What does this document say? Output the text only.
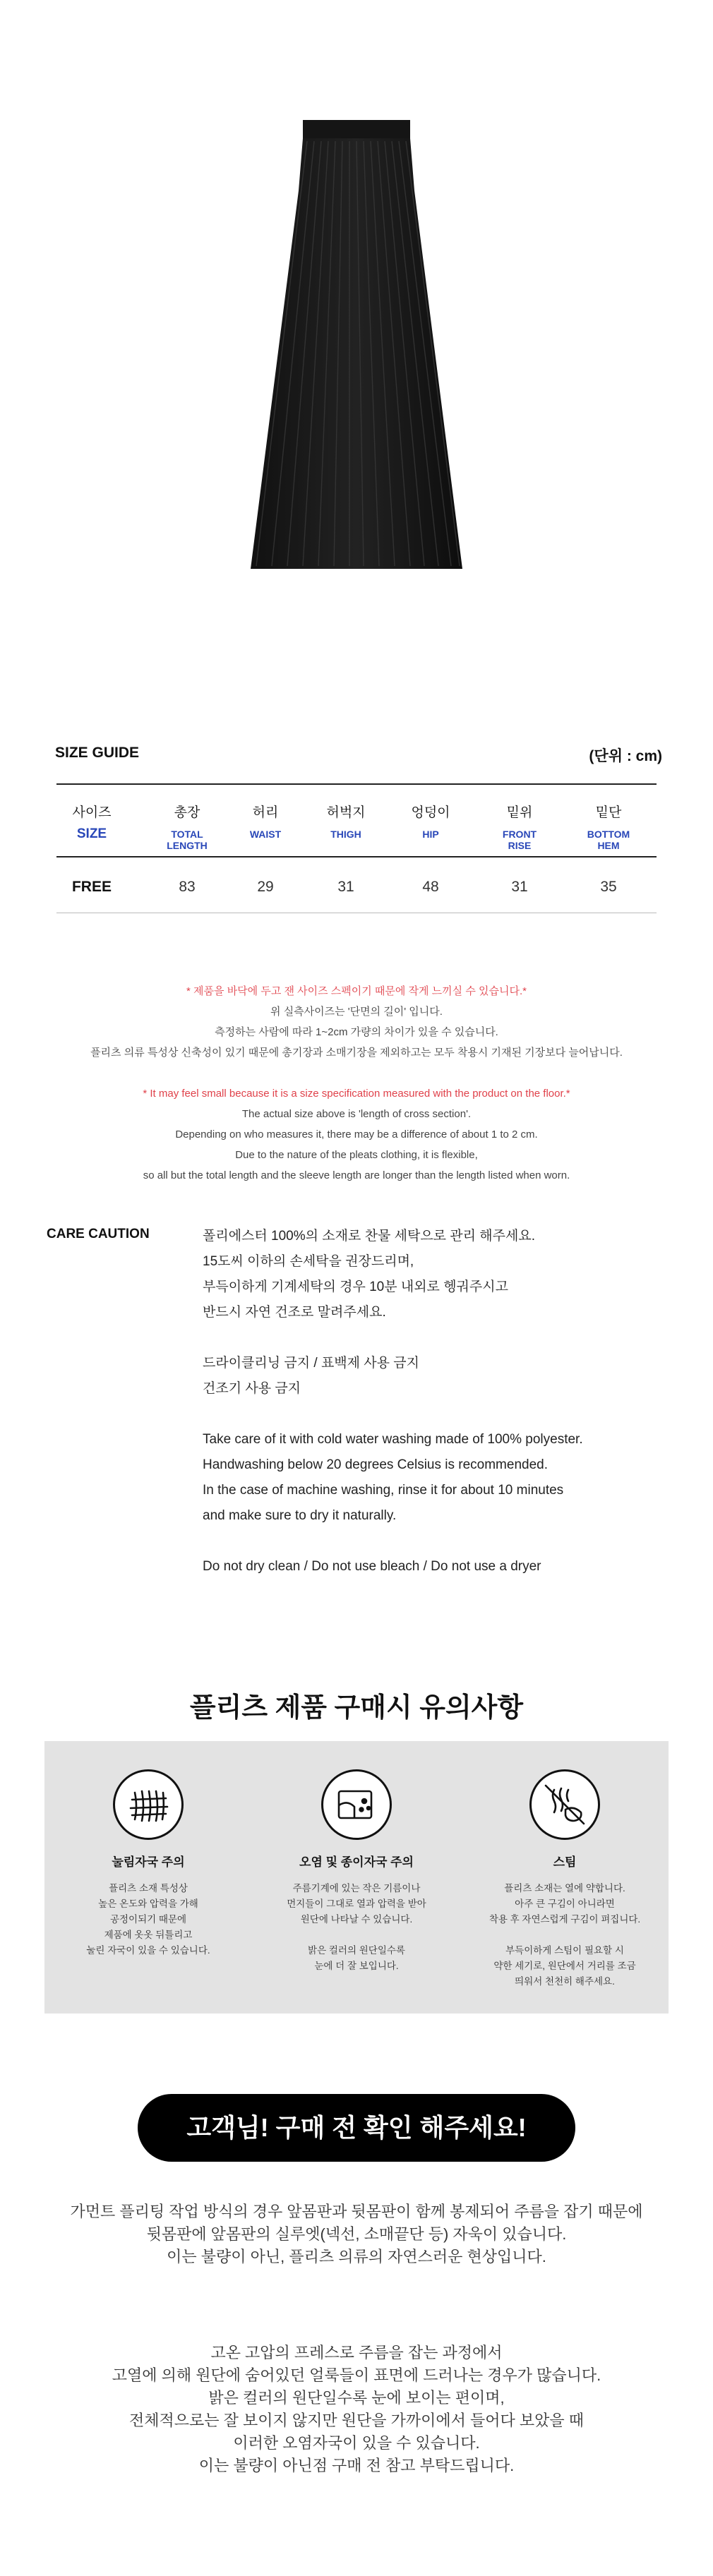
SIZE GUIDE	(단위 : cm)
사이즈
SIZE
FREE
총장
TOTAL LENGTH
83
허리
WAIST
29
허벅지
THIGH
31
엉덩이
HIP
48
밑위
FRONT RISE
31
밑단
BOTTOM HEM
35
* 제품을 바닥에 두고 잰 사이즈 스펙이기 때문에 작게 느끼실 수 있습니다.*
위 실측사이즈는 '단면의 길이' 입니다.
측정하는 사람에 따라 1~2cm 가량의 차이가 있을 수 있습니다.
플리츠 의류 특성상 신축성이 있기 때문에 총기장과 소매기장을 제외하고는 모두 착용시 기재된 기장보다 늘어납니다.
* It may feel small because it is a size specification measured with the product on the floor.*
The actual size above is 'length of cross section'.
Depending on who measures it, there may be a difference of about 1 to 2 cm.
Due to the nature of the pleats clothing, it is flexible,
so all but the total length and the sleeve length are longer than the length listed when worn.
CARE CAUTION	폴리에스터 100%의 소재로 찬물 세탁으로 관리 해주세요.
15도씨 이하의 손세탁을 권장드리며,
부득이하게 기계세탁의 경우 10분 내외로 헹궈주시고
반드시 자연 건조로 말려주세요.
드라이클리닝 금지 / 표백제 사용 금지
건조기 사용 금지
Take care of it with cold water washing made of 100% polyester.
Handwashing below 20 degrees Celsius is recommended.
In the case of machine washing, rinse it for about 10 minutes
and make sure to dry it naturally.
Do not dry clean / Do not use bleach / Do not use a dryer
플리츠 제품 구매시 유의사항
눌림자국 주의
플리츠 소재 특성상
높은 온도와 압력을 가해
공정이되기 때문에
제품에 옷옷 뒤틀리고
눌린 자국이 있을 수 있습니다.
오염 및 종이자국 주의
주름기계에 있는 작은 기름이나
먼지들이 그대로 열과 압력을 받아
원단에 나타날 수 있습니다.
밝은 컬러의 원단일수록
눈에 더 잘 보입니다.
스팀
플리츠 소재는 열에 약합니다.
아주 큰 구김이 아니라면
착용 후 자연스럽게 구김이 펴집니다.
부득이하게 스팀이 필요할 시
약한 세기로, 원단에서 거리를 조금
띄워서 천천히 해주세요.
고객님! 구매 전 확인 해주세요!
가먼트 플리팅 작업 방식의 경우 앞몸판과 뒷몸판이 함께 봉제되어 주름을 잡기 때문에
뒷몸판에 앞몸판의 실루엣(넥선, 소매끝단 등) 자욱이 있습니다.
이는 불량이 아닌, 플리츠 의류의 자연스러운 현상입니다.
고온 고압의 프레스로 주름을 잡는 과정에서
고열에 의해 원단에 숨어있던 얼룩들이 표면에 드러나는 경우가 많습니다.
밝은 컬러의 원단일수록 눈에 보이는 편이며,
전체적으로는 잘 보이지 않지만 원단을 가까이에서 들어다 보았을 때
이러한 오염자국이 있을 수 있습니다.
이는 불량이 아닌점 구매 전 참고 부탁드립니다.
